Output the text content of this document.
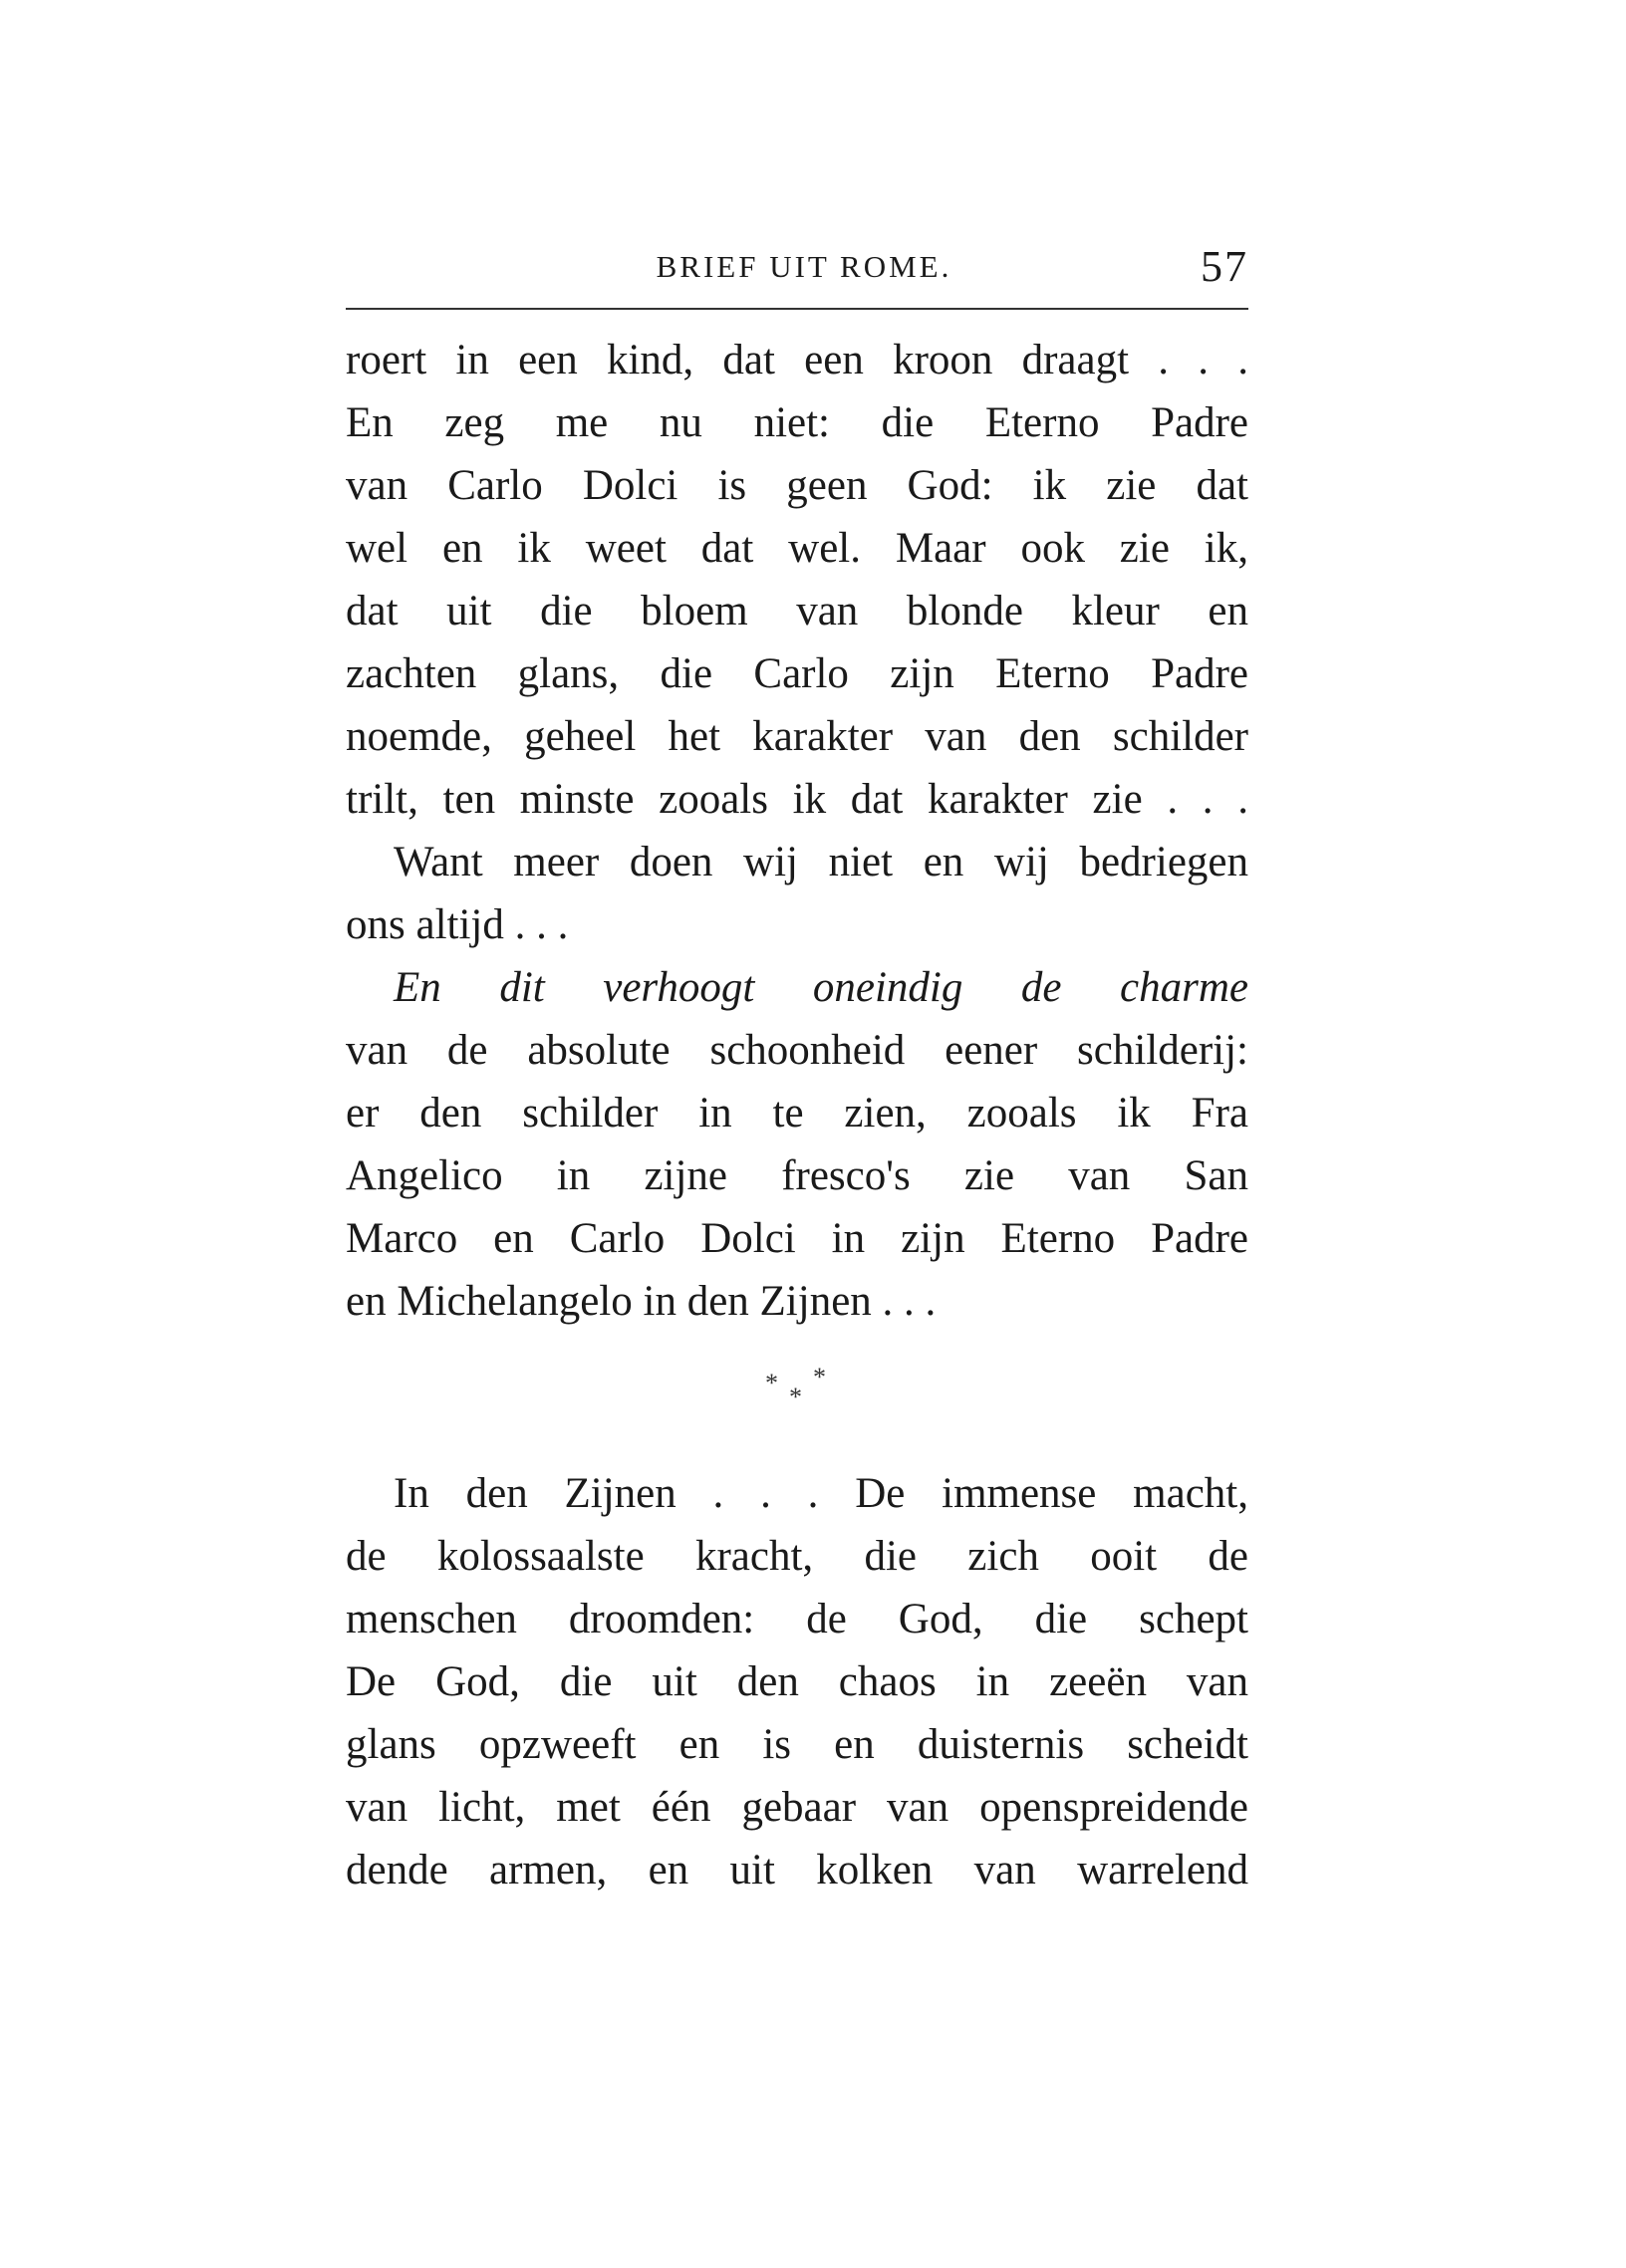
BRIEF UIT ROME.	57
roert in een kind, dat een kroon draagt . . .
En zeg me nu niet: die Eterno Padre
van Carlo Dolci is geen God: ik zie dat
wel en ik weet dat wel. Maar ook zie ik,
dat uit die bloem van blonde kleur en
zachten glans, die Carlo zijn Eterno Padre
noemde, geheel het karakter van den schilder
trilt, ten minste zooals ik dat karakter zie . . .
Want meer doen wij niet en wij bedriegen
ons altijd . . .
En dit verhoogt oneindig de charme
van de absolute schoonheid eener schilderij:
er den schilder in te zien, zooals ik Fra
Angelico in zijne fresco's zie van San
Marco en Carlo Dolci in zijn Eterno Padre
en Michelangelo in den Zijnen . . .
* *
*
In den Zijnen . . . De immense macht,
de kolossaalste kracht, die zich ooit de
menschen droomden: de God, die schept
De God, die uit den chaos in zeeën van
glans opzweeft en is en duisternis scheidt
van licht, met één gebaar van openspreidende
dende armen, en uit kolken van warrelend
